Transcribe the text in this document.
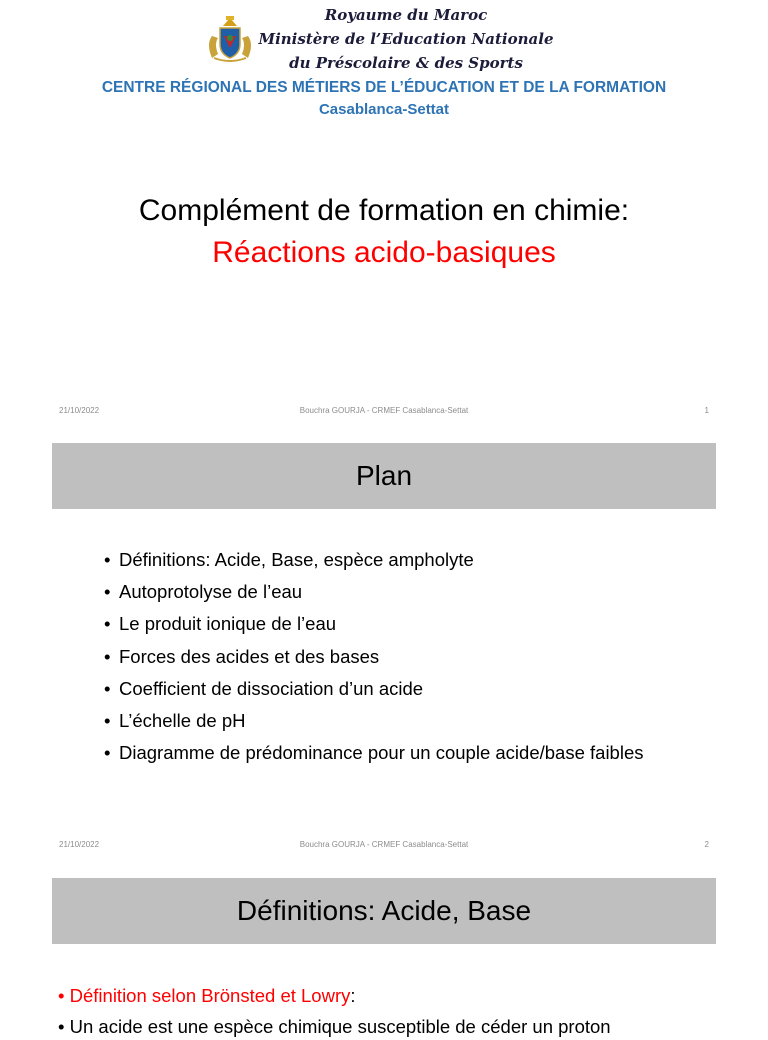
Royaume du Maroc
Ministère de l’Education Nationale
du Préscolaire & des Sports
CENTRE RÉGIONAL DES MÉTIERS DE L’ÉDUCATION ET DE LA FORMATION
Casablanca-Settat
Complément de formation en chimie:
Réactions acido-basiques
21/10/2022	Bouchra GOURJA - CRMEF Casablanca-Settat	1
Plan
• Définitions: Acide, Base, espèce ampholyte
• Autoprotolyse de l’eau
• Le produit ionique de l’eau
• Forces des acides et des bases
• Coefficient de dissociation d’un acide
• L’échelle de pH
• Diagramme de prédominance pour un couple acide/base faibles
21/10/2022	Bouchra GOURJA - CRMEF Casablanca-Settat	2
Définitions: Acide, Base
• Définition selon Brönsted et Lowry:
• Un acide est une espèce chimique susceptible de céder un proton
